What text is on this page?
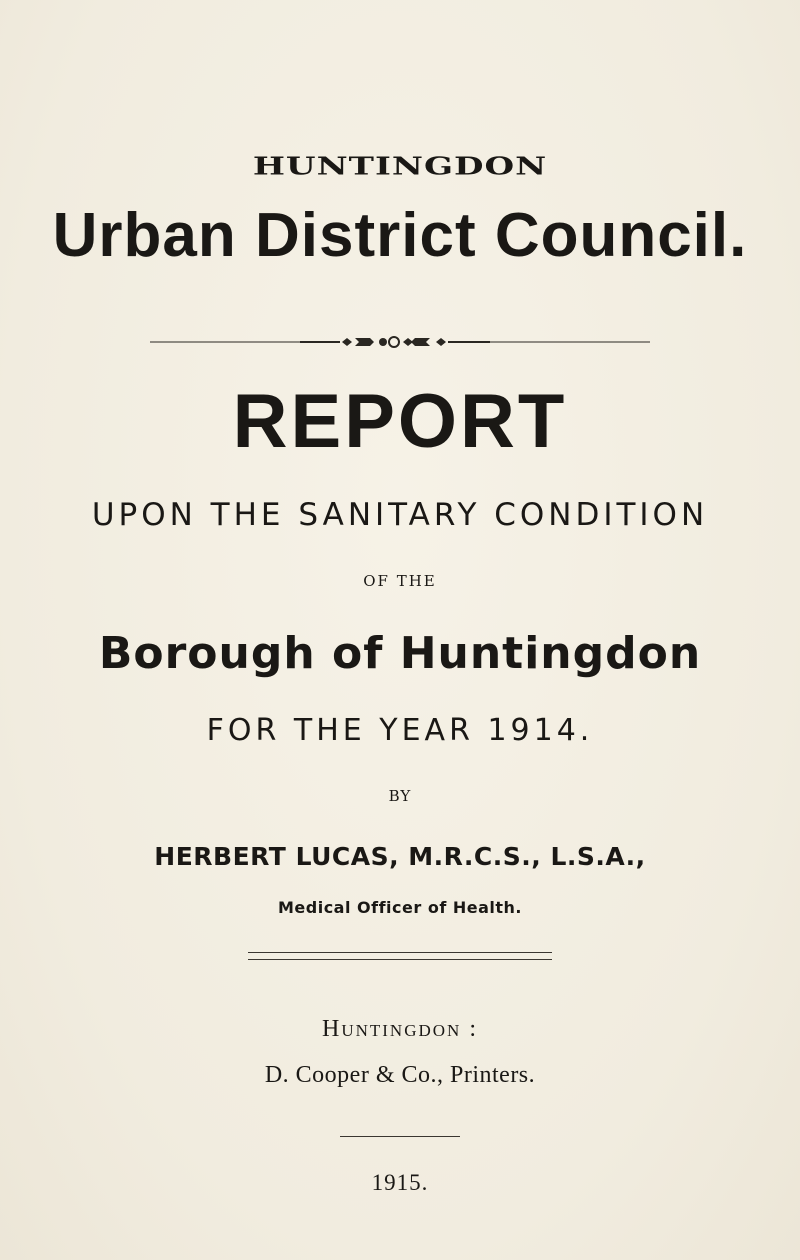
HUNTINGDON
Urban District Council.
REPORT
UPON THE SANITARY CONDITION
OF THE
Borough of Huntingdon
FOR THE YEAR 1914.
BY
HERBERT LUCAS, M.R.C.S., L.S.A.,
Medical Officer of Health.
Huntingdon :
D. Cooper & Co., Printers.
1915.
